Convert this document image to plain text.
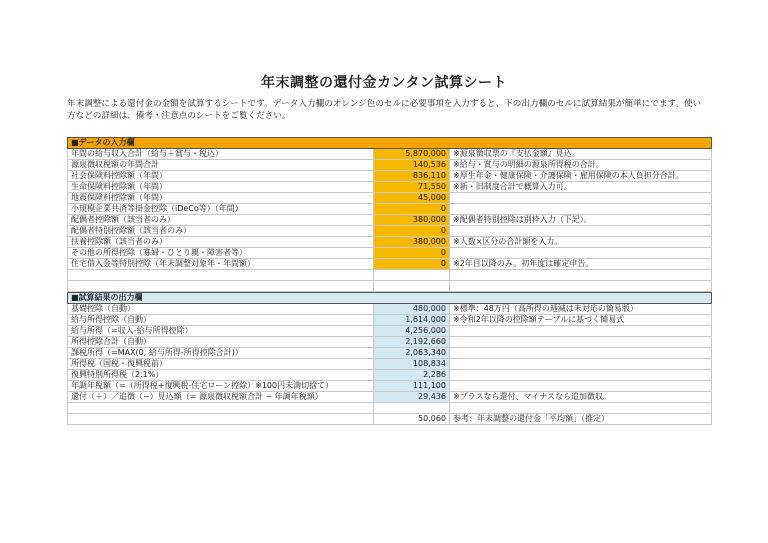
年末調整の還付金カンタン試算シート
年末調整による還付金の金額を試算するシートです。データ入力欄のオレンジ色のセルに必要事項を入力すると、下の出力欄のセルに試算結果が簡単にでます。使い方などの詳細は、備考・注意点のシートをご覧ください。
■データの入力欄		
年間の給与収入合計（給与＋賞与・税込）	5,870,000	※源泉徴収票の『支払金額』見込。
源泉徴収税額の年間合計	140,536	※給与・賞与の明細の源泉所得税の合計。
社会保険料控除額（年間）	836,110	※厚生年金・健康保険・介護保険・雇用保険の本人負担分合計。
生命保険料控除額（年間）	71,550	※新・旧制度合計で概算入力可。
地震保険料控除額（年間）	45,000	
小規模企業共済等掛金控除（iDeCo等）（年間）	0	
配偶者控除額（該当者のみ）	380,000	※配偶者特別控除は別枠入力（下記）。
配偶者特別控除額（該当者のみ）	0	
扶養控除額（該当者のみ）	380,000	※人数×区分の合計額を入力。
その他の所得控除（寡婦・ひとり親・障害者等）	0	
住宅借入金等特別控除（年末調整対象年・年間額）	0	※2年目以降のみ。初年度は確定申告。

■試算結果の出力欄		
基礎控除（自動）	480,000	※標準：48万円（高所得の逓減は未対応の簡易版）
給与所得控除（自動）	1,614,000	※令和2年以降の控除額テーブルに基づく簡易式
給与所得（=収入-給与所得控除）	4,256,000	
所得控除合計（自動）	2,192,660	
課税所得（=MAX(0, 給与所得-所得控除合計)）	2,063,340	
所得税（国税・復興税前）	108,834	
復興特別所得税（2.1%）	2,286	
年調年税額（=（所得税+復興税-住宅ローン控除）※100円未満切捨て）	111,100	
還付（＋）／追徴（−）見込額（= 源泉徴収税額合計 − 年調年税額）	29,436	※プラスなら還付、マイナスなら追加徴収。

	50,060	参考：年末調整の還付金「平均額」（推定）
